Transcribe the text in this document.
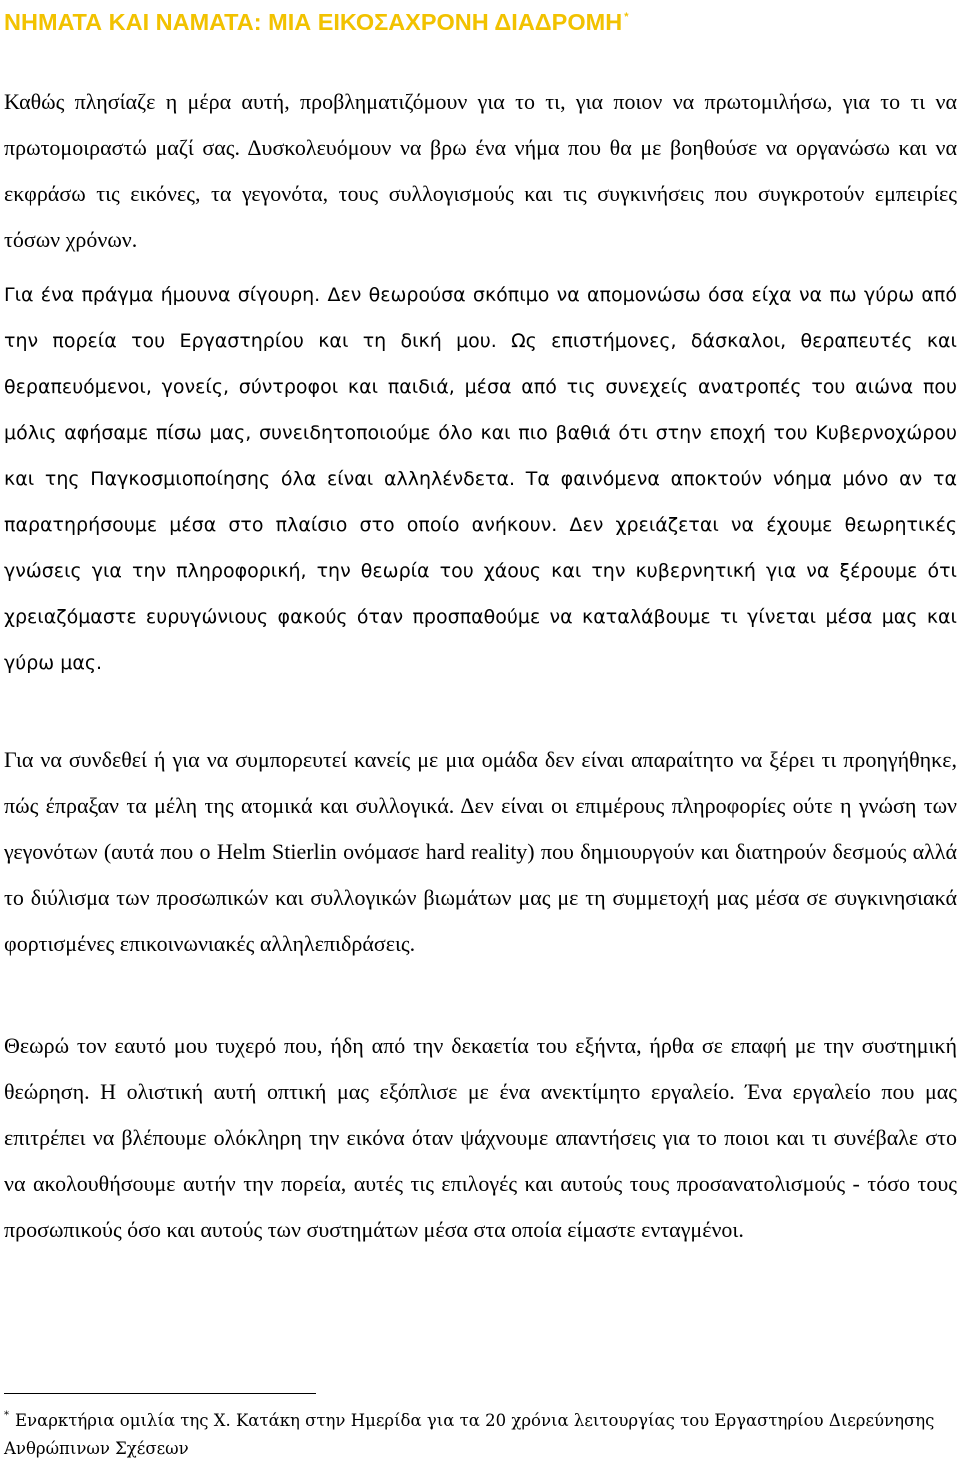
ΝΗΜΑΤΑ ΚΑΙ ΝΑΜΑΤΑ: ΜΙΑ ΕΙΚΟΣΑΧΡΟΝΗ ΔΙΑΔΡΟΜΗ *

Καθώς πλησίαζε η μέρα αυτή, προβληματιζόμουν για το τι, για ποιον να πρωτομιλήσω, για το τι να πρωτομοιραστώ μαζί σας. Δυσκολευόμουν να βρω ένα νήμα που θα με βοηθούσε να οργανώσω και να εκφράσω τις εικόνες, τα γεγονότα, τους συλλογισμούς και τις συγκινήσεις που συγκροτούν εμπειρίες τόσων χρόνων.

Για ένα πράγμα ήμουνα σίγουρη. Δεν θεωρούσα σκόπιμο να απομονώσω όσα είχα να πω γύρω από την πορεία του Εργαστηρίου και τη δική μου. Ως επιστήμονες, δάσκαλοι, θεραπευτές και θεραπευόμενοι, γονείς, σύντροφοι και παιδιά, μέσα από τις συνεχείς ανατροπές του αιώνα που μόλις αφήσαμε πίσω μας, συνειδητοποιούμε όλο και πιο βαθιά ότι στην εποχή του Κυβερνοχώρου και της Παγκοσμιοποίησης όλα είναι αλληλένδετα. Τα φαινόμενα αποκτούν νόημα μόνο αν τα παρατηρήσουμε μέσα στο πλαίσιο στο οποίο ανήκουν. Δεν χρειάζεται να έχουμε θεωρητικές γνώσεις για την πληροφορική, την θεωρία του χάους και την κυβερνητική για να ξέρουμε ότι χρειαζόμαστε ευρυγώνιους φακούς όταν προσπαθούμε να καταλάβουμε τι γίνεται μέσα μας και γύρω μας.

Για να συνδεθεί ή για να συμπορευτεί κανείς με μια ομάδα δεν είναι απαραίτητο να ξέρει τι προηγήθηκε, πώς έπραξαν τα μέλη της ατομικά και συλλογικά. Δεν είναι οι επιμέρους πληροφορίες ούτε η γνώση των γεγονότων (αυτά που ο Helm Stierlin ονόμασε hard reality) που δημιουργούν και διατηρούν δεσμούς αλλά το διύλισμα των προσωπικών και συλλογικών βιωμάτων μας με τη συμμετοχή μας μέσα σε συγκινησιακά φορτισμένες επικοινωνιακές αλληλεπιδράσεις.

Θεωρώ τον εαυτό μου τυχερό που, ήδη από την δεκαετία του εξήντα, ήρθα σε επαφή με την συστημική θεώρηση. Η ολιστική αυτή οπτική μας εξόπλισε με ένα ανεκτίμητο εργαλείο. Ένα εργαλείο που μας επιτρέπει να βλέπουμε ολόκληρη την εικόνα όταν ψάχνουμε απαντήσεις για το ποιοι και τι συνέβαλε στο να ακολουθήσουμε αυτήν την πορεία, αυτές τις επιλογές και αυτούς τους προσανατολισμούς - τόσο τους προσωπικούς όσο και αυτούς των συστημάτων μέσα στα οποία είμαστε ενταγμένοι.

* Εναρκτήρια ομιλία της Χ. Κατάκη στην Ημερίδα για τα 20 χρόνια λειτουργίας του Εργαστηρίου Διερεύνησης Ανθρώπινων Σχέσεων
